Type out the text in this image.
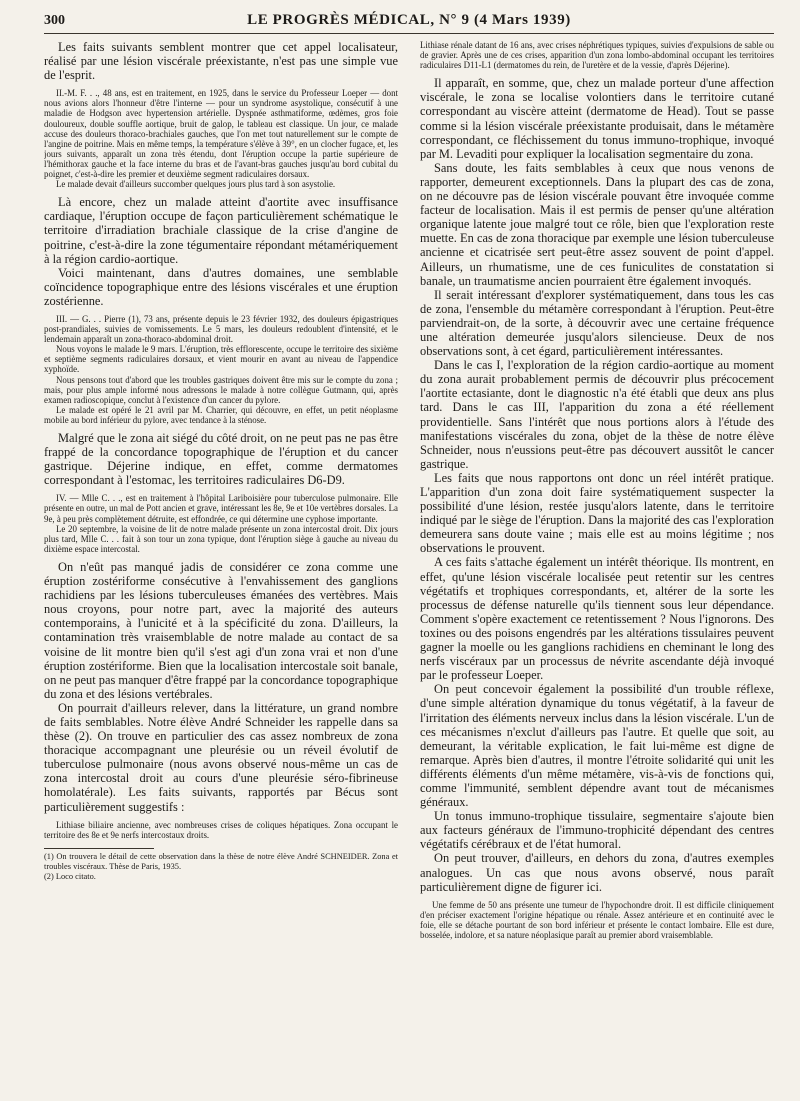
300	LE PROGRÈS MÉDICAL, N° 9 (4 Mars 1939)

Les faits suivants semblent montrer que cet appel localisateur, réalisé par une lésion viscérale préexistante, n'est pas une simple vue de l'esprit.

II.-M. F. . ., 48 ans, est en traitement, en 1925, dans le service du Professeur Loeper — dont nous avions alors l'honneur d'être l'interne — pour un syndrome asystolique, consécutif à une maladie de Hodgson avec hypertension artérielle. Dyspnée asthmatiforme, œdèmes, gros foie douloureux, double souffle aortique, bruit de galop, le tableau est classique. Un jour, ce malade accuse des douleurs thoraco-brachiales gauches, que l'on met tout naturellement sur le compte de l'angine de poitrine. Mais en même temps, la température s'élève à 39°, en un clocher fugace, et, les jours suivants, apparaît un zona très étendu, dont l'éruption occupe la partie supérieure de l'hémithorax gauche et la face interne du bras et de l'avant-bras gauches jusqu'au bord cubital du poignet, c'est-à-dire les premier et deuxième segment radiculaires dorsaux.

Le malade devait d'ailleurs succomber quelques jours plus tard à son asystolie.

Là encore, chez un malade atteint d'aortite avec insuffisance cardiaque, l'éruption occupe de façon particulièrement schématique le territoire d'irradiation brachiale classique de la crise d'angine de poitrine, c'est-à-dire la zone tégumentaire répondant métamériquement à la région cardio-aortique.

Voici maintenant, dans d'autres domaines, une semblable coïncidence topographique entre des lésions viscérales et une éruption zostérienne.

III. — G. . . Pierre (1), 73 ans, présente depuis le 23 février 1932, des douleurs épigastriques post-prandiales, suivies de vomissements. Le 5 mars, les douleurs redoublent d'intensité, et le lendemain apparaît un zona-thoraco-abdominal droit.

Nous voyons le malade le 9 mars. L'éruption, très efflorescente, occupe le territoire des sixième et septième segments radiculaires dorsaux, et vient mourir en avant au niveau de l'appendice xyphoïde.

Nous pensons tout d'abord que les troubles gastriques doivent être mis sur le compte du zona ; mais, pour plus ample informé nous adressons le malade à notre collègue Gutmann, qui, après examen radioscopique, conclut à l'existence d'un cancer du pylore.

Le malade est opéré le 21 avril par M. Charrier, qui découvre, en effet, un petit néoplasme mobile au bord inférieur du pylore, avec tendance à la sténose.

Malgré que le zona ait siégé du côté droit, on ne peut pas ne pas être frappé de la concordance topographique de l'éruption et du cancer gastrique. Déjerine indique, en effet, comme dermatomes correspondant à l'estomac, les territoires radiculaires D6-D9.

IV. — Mlle C. . ., est en traitement à l'hôpital Lariboisière pour tuberculose pulmonaire. Elle présente en outre, un mal de Pott ancien et grave, intéressant les 8e, 9e et 10e vertèbres dorsales. La 9e, à peu près complètement détruite, est effondrée, ce qui détermine une cyphose importante.

Le 20 septembre, la voisine de lit de notre malade présente un zona intercostal droit. Dix jours plus tard, Mlle C. . . fait à son tour un zona typique, dont l'éruption siège à gauche au niveau du dixième espace intercostal.

On n'eût pas manqué jadis de considérer ce zona comme une éruption zostériforme consécutive à l'envahissement des ganglions rachidiens par les lésions tuberculeuses émanées des vertèbres. Mais nous croyons, pour notre part, avec la majorité des auteurs contemporains, à l'unicité et à la spécificité du zona. D'ailleurs, la contamination très vraisemblable de notre malade au contact de sa voisine de lit montre bien qu'il s'est agi d'un zona vrai et non d'une éruption zostériforme. Bien que la localisation intercostale soit banale, on ne peut pas manquer d'être frappé par la concordance topographique du zona et des lésions vertébrales.

On pourrait d'ailleurs relever, dans la littérature, un grand nombre de faits semblables. Notre élève André Schneider les rappelle dans sa thèse (2). On trouve en particulier des cas assez nombreux de zona thoracique accompagnant une pleurésie ou un réveil évolutif de tuberculose pulmonaire (nous avons observé nous-même un cas de zona intercostal droit au cours d'une pleurésie séro-fibrineuse homolatérale). Les faits suivants, rapportés par Bécus sont particulièrement suggestifs :

Lithiase biliaire ancienne, avec nombreuses crises de coliques hépatiques. Zona occupant le territoire des 8e et 9e nerfs intercostaux droits.

(1) On trouvera le détail de cette observation dans la thèse de notre élève André SCHNEIDER. Zona et troubles viscéraux. Thèse de Paris, 1935.

(2) Loco citato.

Lithiase rénale datant de 16 ans, avec crises néphrétiques typiques, suivies d'expulsions de sable ou de gravier. Après une de ces crises, apparition d'un zona lombo-abdominal occupant les territoires radiculaires D11-L1 (dermatomes du rein, de l'uretère et de la vessie, d'après Déjerine).

Il apparaît, en somme, que, chez un malade porteur d'une affection viscérale, le zona se localise volontiers dans le territoire cutané correspondant au viscère atteint (dermatome de Head). Tout se passe comme si la lésion viscérale préexistante produisait, dans le métamère correspondant, ce fléchissement du tonus immuno-trophique, invoqué par M. Levaditi pour expliquer la localisation segmentaire du zona.

Sans doute, les faits semblables à ceux que nous venons de rapporter, demeurent exceptionnels. Dans la plupart des cas de zona, on ne découvre pas de lésion viscérale pouvant être invoquée comme facteur de localisation. Mais il est permis de penser qu'une altération organique latente joue malgré tout ce rôle, bien que l'exploration reste muette. En cas de zona thoracique par exemple une lésion tuberculeuse ancienne et cicatrisée sert peut-être assez souvent de point d'appel. Ailleurs, un rhumatisme, une de ces funiculites de constatation si banale, un traumatisme ancien pourraient être également invoqués.

Il serait intéressant d'explorer systématiquement, dans tous les cas de zona, l'ensemble du métamère correspondant à l'éruption. Peut-être parviendrait-on, de la sorte, à découvrir avec une certaine fréquence une altération demeurée jusqu'alors silencieuse. Deux de nos observations sont, à cet égard, particulièrement intéressantes.

Dans le cas I, l'exploration de la région cardio-aortique au moment du zona aurait probablement permis de découvrir plus précocement l'aortite ectasiante, dont le diagnostic n'a été établi que deux ans plus tard. Dans le cas III, l'apparition du zona a été réellement providentielle. Sans l'intérêt que nous portions alors à l'étude des manifestations viscérales du zona, objet de la thèse de notre élève Schneider, nous n'eussions peut-être pas découvert aussitôt le cancer gastrique.

Les faits que nous rapportons ont donc un réel intérêt pratique. L'apparition d'un zona doit faire systématiquement suspecter la possibilité d'une lésion, restée jusqu'alors latente, dans le territoire indiqué par le siège de l'éruption. Dans la majorité des cas l'exploration demeurera sans doute vaine ; mais elle est au moins légitime ; nos observations le prouvent.

A ces faits s'attache également un intérêt théorique. Ils montrent, en effet, qu'une lésion viscérale localisée peut retentir sur les centres végétatifs et trophiques correspondants, et, altérer de la sorte les processus de défense naturelle qu'ils tiennent sous leur dépendance. Comment s'opère exactement ce retentissement ? Nous l'ignorons. Des toxines ou des poisons engendrés par les altérations tissulaires peuvent gagner la moelle ou les ganglions rachidiens en cheminant le long des nerfs viscéraux par un processus de névrite ascendante déjà invoqué par le professeur Loeper.

On peut concevoir également la possibilité d'un trouble réflexe, d'une simple altération dynamique du tonus végétatif, à la faveur de l'irritation des éléments nerveux inclus dans la lésion viscérale. L'un de ces mécanismes n'exclut d'ailleurs pas l'autre. Et quelle que soit, au demeurant, la véritable explication, le fait lui-même est digne de remarque. Après bien d'autres, il montre l'étroite solidarité qui unit les différents éléments d'un même métamère, vis-à-vis de fonctions qui, comme l'immunité, semblent dépendre avant tout de mécanismes généraux.

Un tonus immuno-trophique tissulaire, segmentaire s'ajoute bien aux facteurs généraux de l'immuno-trophicité dépendant des centres végétatifs cérébraux et de l'état humoral.

On peut trouver, d'ailleurs, en dehors du zona, d'autres exemples analogues. Un cas que nous avons observé, nous paraît particulièrement digne de figurer ici.

Une femme de 50 ans présente une tumeur de l'hypochondre droit. Il est difficile cliniquement d'en préciser exactement l'origine hépatique ou rénale. Assez antérieure et en continuité avec le foie, elle se détache pourtant de son bord inférieur et présente le contact lombaire. Elle est dure, bosselée, indolore, et sa nature néoplasique paraît au premier abord vraisemblable.
